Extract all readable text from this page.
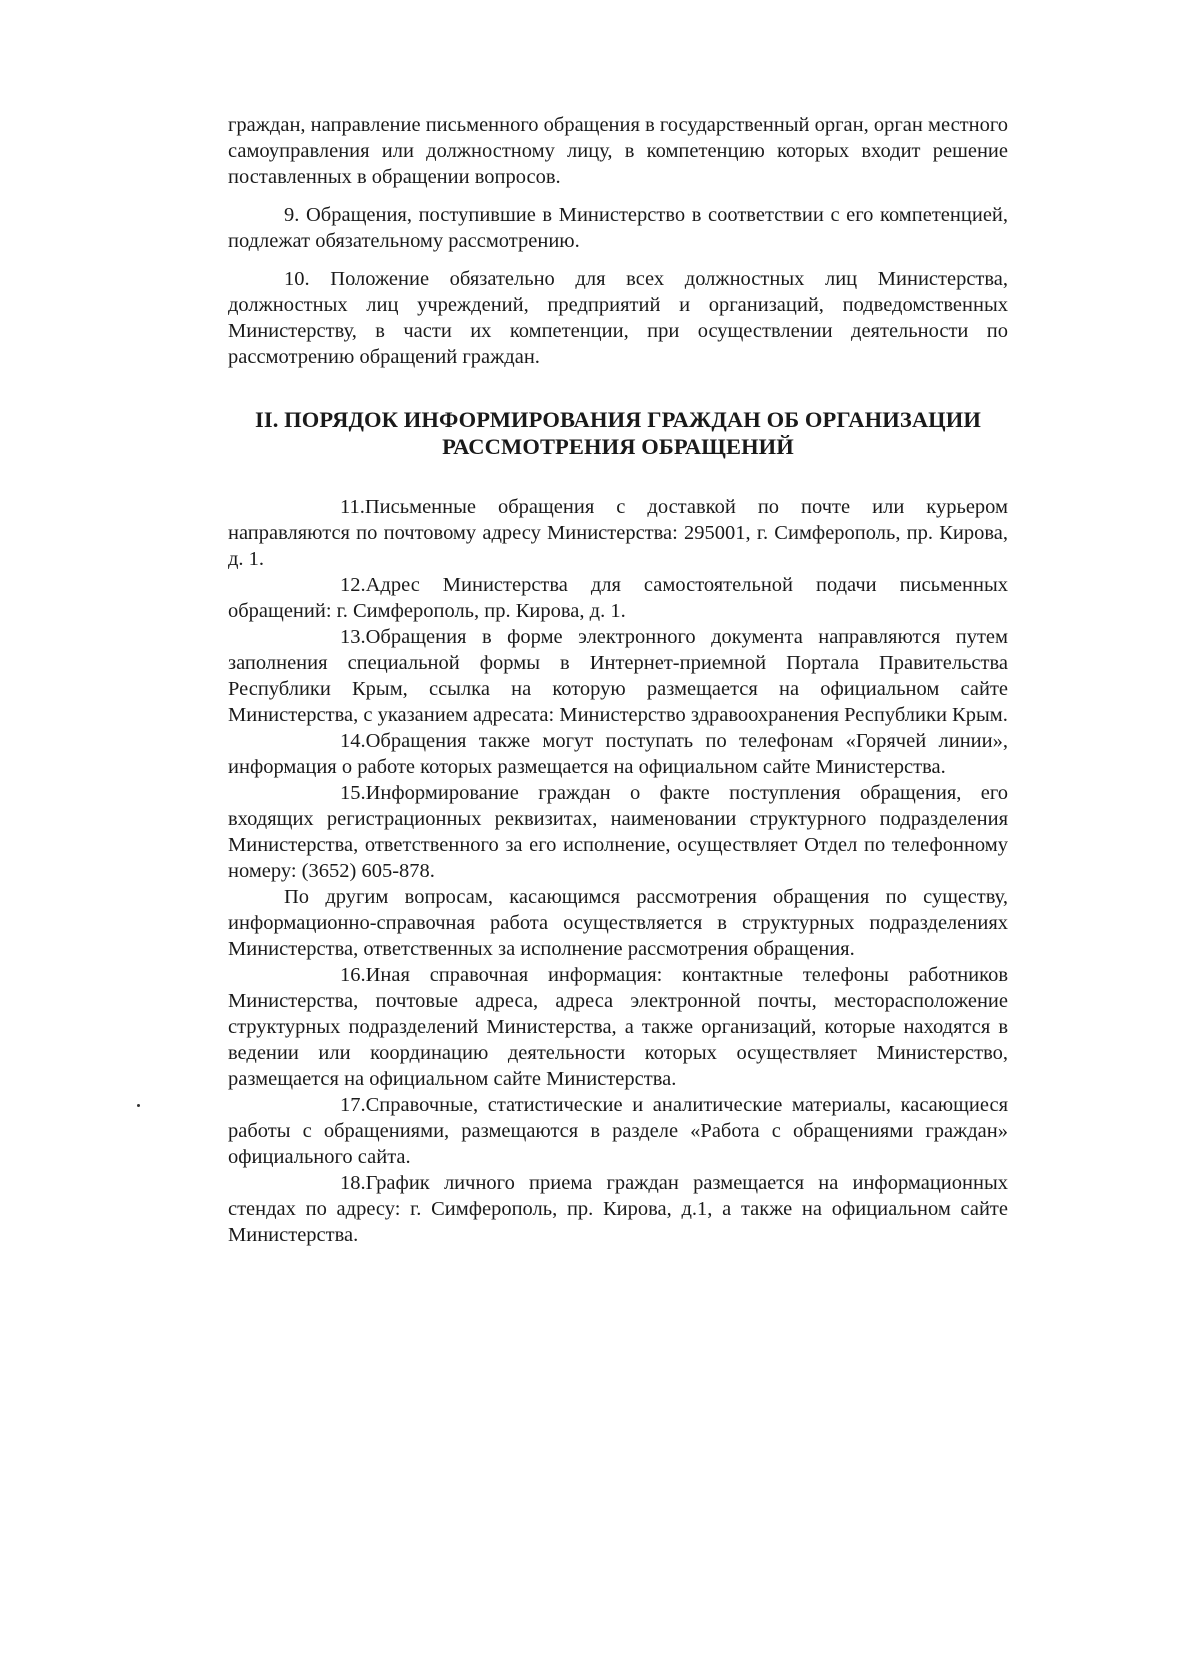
граждан, направление письменного обращения в государственный орган, орган местного самоуправления или должностному лицу, в компетенцию которых входит решение поставленных в обращении вопросов.

9. Обращения, поступившие в Министерство в соответствии с его компетенцией, подлежат обязательному рассмотрению.

10. Положение обязательно для всех должностных лиц Министерства, должностных лиц учреждений, предприятий и организаций, подведомственных Министерству, в части их компетенции, при осуществлении деятельности по рассмотрению обращений граждан.

II. ПОРЯДОК ИНФОРМИРОВАНИЯ ГРАЖДАН ОБ ОРГАНИЗАЦИИ
РАССМОТРЕНИЯ ОБРАЩЕНИЙ

11.Письменные обращения с доставкой по почте или курьером направляются по почтовому адресу Министерства: 295001, г. Симферополь, пр. Кирова, д. 1.

12.Адрес Министерства для самостоятельной подачи письменных обращений: г. Симферополь, пр. Кирова, д. 1.

13.Обращения в форме электронного документа направляются путем заполнения специальной формы в Интернет-приемной Портала Правительства Республики Крым, ссылка на которую размещается на официальном сайте Министерства, с указанием адресата: Министерство здравоохранения Республики Крым.

14.Обращения также могут поступать по телефонам «Горячей линии», информация о работе которых размещается на официальном сайте Министерства.

15.Информирование граждан о факте поступления обращения, его входящих регистрационных реквизитах, наименовании структурного подразделения Министерства, ответственного за его исполнение, осуществляет Отдел по телефонному номеру: (3652) 605-878.

По другим вопросам, касающимся рассмотрения обращения по существу, информационно-справочная работа осуществляется в структурных подразделениях Министерства, ответственных за исполнение рассмотрения обращения.

16.Иная справочная информация: контактные телефоны работников Министерства, почтовые адреса, адреса электронной почты, месторасположение структурных подразделений Министерства, а также организаций, которые находятся в ведении или координацию деятельности которых осуществляет Министерство, размещается на официальном сайте Министерства.

17.Справочные, статистические и аналитические материалы, касающиеся работы с обращениями, размещаются в разделе «Работа с обращениями граждан» официального сайта.

18.График личного приема граждан размещается на информационных стендах по адресу: г. Симферополь, пр. Кирова, д.1, а также на официальном сайте Министерства.
